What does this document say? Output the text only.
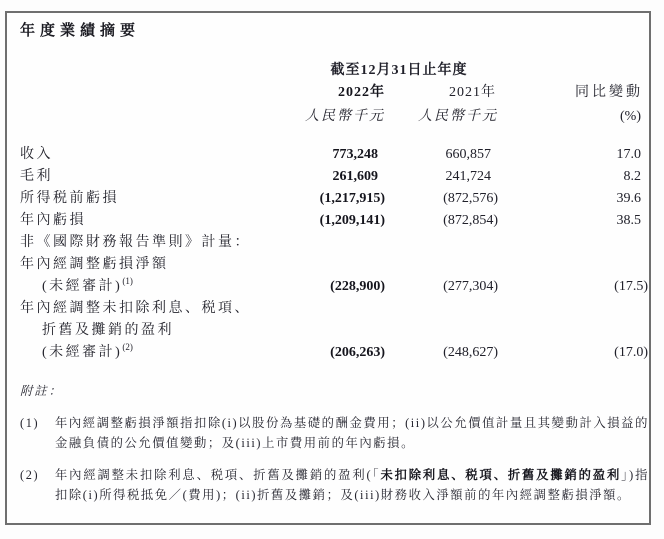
年度業績摘要
	截至12月31日止年度		
	2022年	2021年	同比變動
	人民幣千元	人民幣千元	(%)

收入	773,248	660,857	17.0
毛利	261,609	241,724	8.2
所得税前虧損	(1,217,915)	(872,576)	39.6
年內虧損	(1,209,141)	(872,854)	38.5
非《國際財務報告準則》計量：			
年內經調整虧損淨額			
(未經審計)$^{(1)}$	(228,900)	(277,304)	(17.5)
年內經調整未扣除利息、税項、			
折舊及攤銷的盈利			
(未經審計)$^{(2)}$	(206,263)	(248,627)	(17.0)
附註：
(1)	年內經調整虧損淨額指扣除(i)以股份為基礎的酬金費用；(ii)以公允價值計量且其變動計入損益的金融負債的公允價值變動；及(iii)上市費用前的年內虧損。
(2)	年內經調整未扣除利息、税項、折舊及攤銷的盈利(「未扣除利息、税項、折舊及攤銷的盈利」)指扣除(i)所得税抵免／(費用)；(ii)折舊及攤銷；及(iii)財務收入淨額前的年內經調整虧損淨額。
